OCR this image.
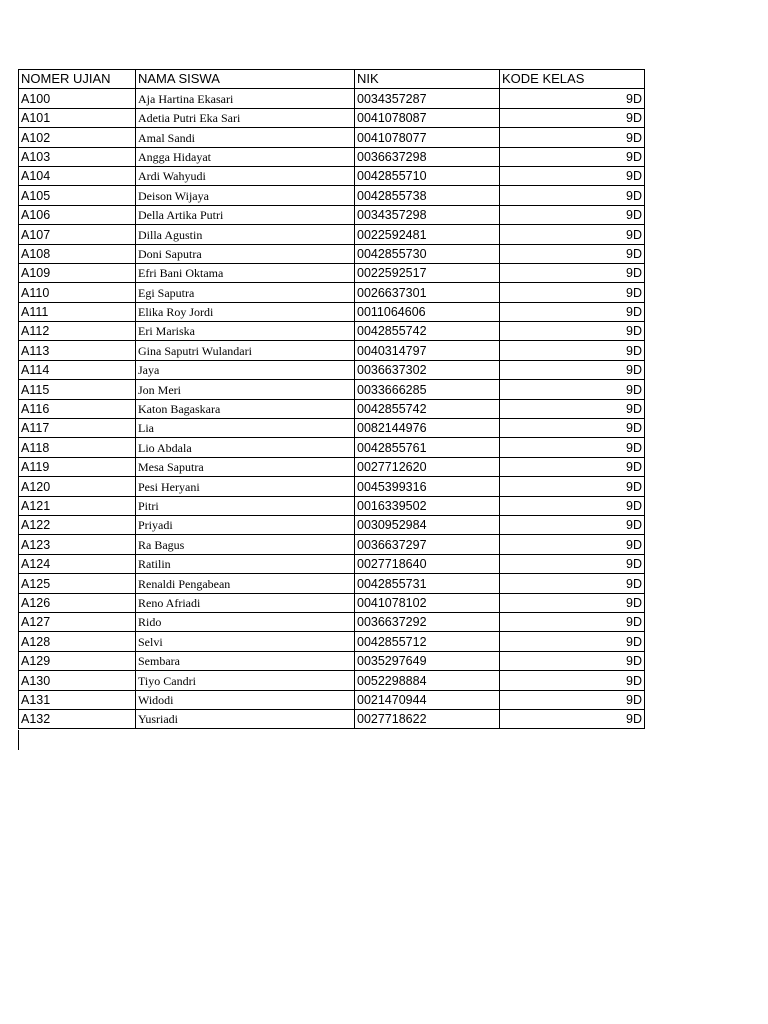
NOMER UJIAN	NAMA SISWA	NIK	KODE KELAS
A100	Aja Hartina Ekasari	0034357287	9D
A101	Adetia Putri Eka Sari	0041078087	9D
A102	Amal Sandi	0041078077	9D
A103	Angga Hidayat	0036637298	9D
A104	Ardi Wahyudi	0042855710	9D
A105	Deison Wijaya	0042855738	9D
A106	Della Artika Putri	0034357298	9D
A107	Dilla Agustin	0022592481	9D
A108	Doni Saputra	0042855730	9D
A109	Efri Bani Oktama	0022592517	9D
A110	Egi Saputra	0026637301	9D
A111	Elika Roy Jordi	0011064606	9D
A112	Eri Mariska	0042855742	9D
A113	Gina Saputri Wulandari	0040314797	9D
A114	Jaya	0036637302	9D
A115	Jon Meri	0033666285	9D
A116	Katon Bagaskara	0042855742	9D
A117	Lia	0082144976	9D
A118	Lio Abdala	0042855761	9D
A119	Mesa Saputra	0027712620	9D
A120	Pesi Heryani	0045399316	9D
A121	Pitri	0016339502	9D
A122	Priyadi	0030952984	9D
A123	Ra Bagus	0036637297	9D
A124	Ratilin	0027718640	9D
A125	Renaldi Pengabean	0042855731	9D
A126	Reno Afriadi	0041078102	9D
A127	Rido	0036637292	9D
A128	Selvi	0042855712	9D
A129	Sembara	0035297649	9D
A130	Tiyo Candri	0052298884	9D
A131	Widodi	0021470944	9D
A132	Yusriadi	0027718622	9D
